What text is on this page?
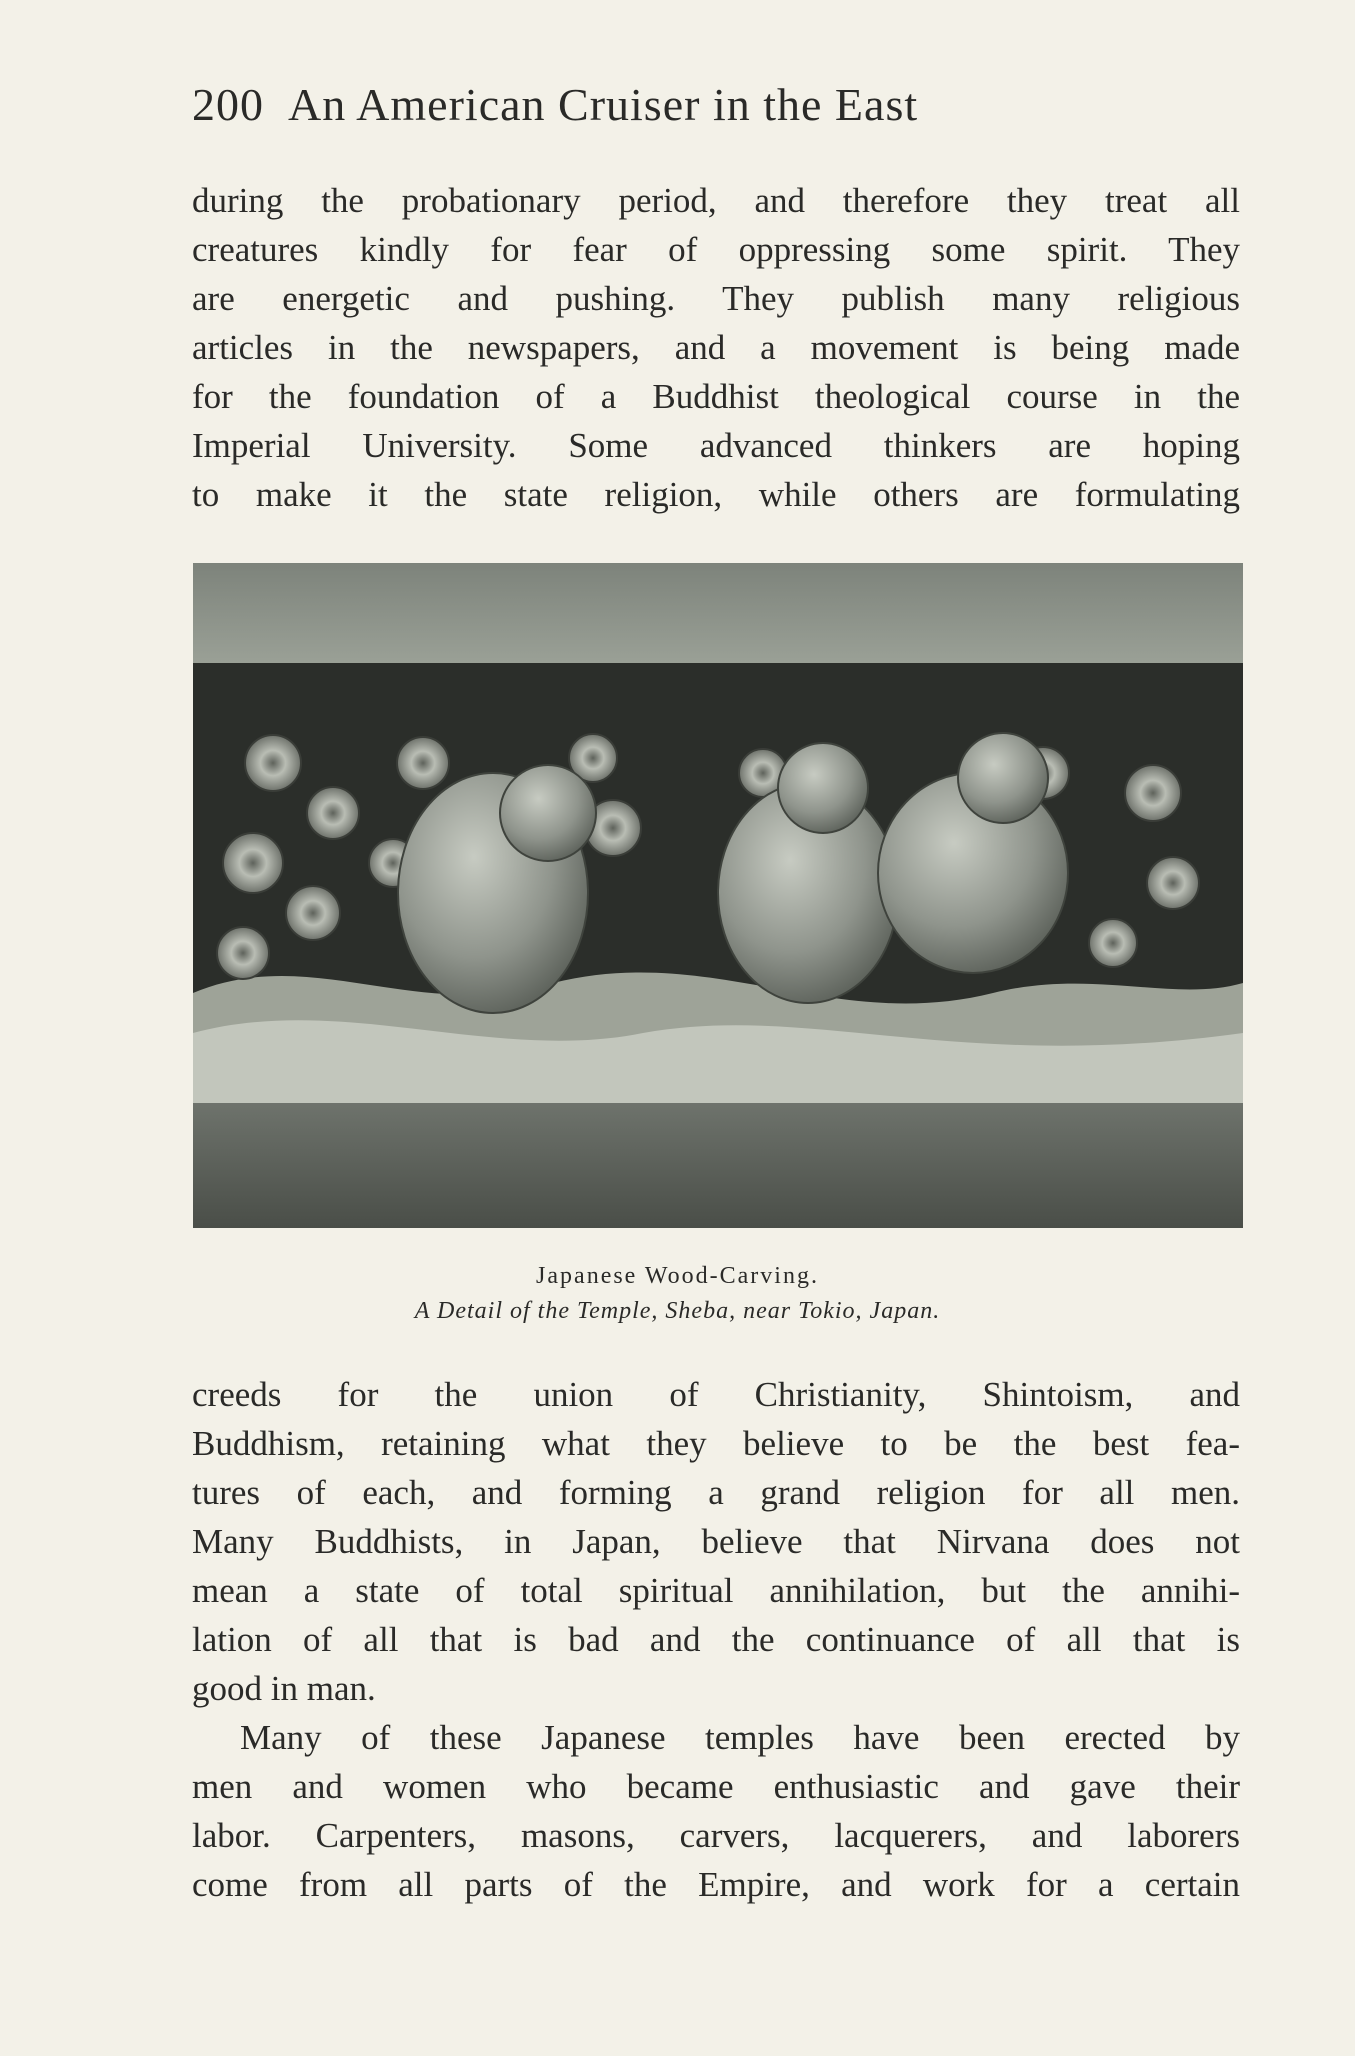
200 An American Cruiser in the East
during the probationary period, and therefore they treat all
creatures kindly for fear of oppressing some spirit. They
are energetic and pushing. They publish many religious
articles in the newspapers, and a movement is being made
for the foundation of a Buddhist theological course in the
Imperial University. Some advanced thinkers are hoping
to make it the state religion, while others are formulating
Japanese Wood-Carving.
A Detail of the Temple, Sheba, near Tokio, Japan.
creeds for the union of Christianity, Shintoism, and
Buddhism, retaining what they believe to be the best fea-
tures of each, and forming a grand religion for all men.
Many Buddhists, in Japan, believe that Nirvana does not
mean a state of total spiritual annihilation, but the annihi-
lation of all that is bad and the continuance of all that is
good in man.
Many of these Japanese temples have been erected by
men and women who became enthusiastic and gave their
labor. Carpenters, masons, carvers, lacquerers, and laborers
come from all parts of the Empire, and work for a certain
